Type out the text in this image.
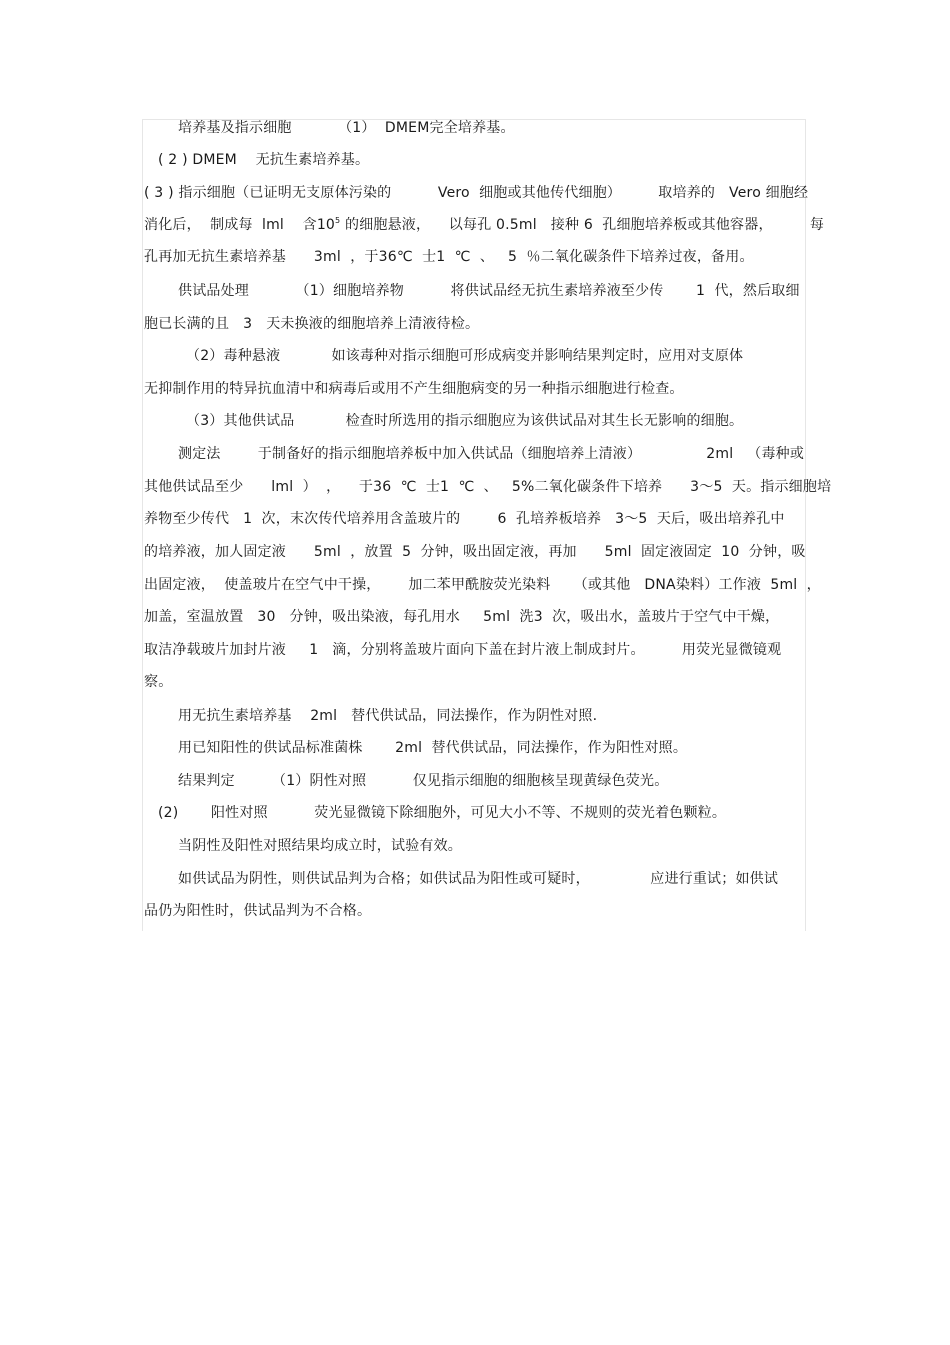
培养基及指示细胞          （1）  DMEM完全培养基。
( 2 ) DMEM    无抗生素培养基。
( 3 ) 指示细胞（已证明无支原体污染的          Vero  细胞或其他传代细胞）        取培养的   Vero 细胞经
消化后，  制成每  lml    含$10^5$ 的细胞悬液，    以每孔 0.5ml   接种 6  孔细胞培养板或其他容器，        每
孔再加无抗生素培养基      3ml  ，于36℃  士1  ℃  、   5  ％二氧化碳条件下培养过夜，备用。
供试品处理          （1）细胞培养物          将供试品经无抗生素培养液至少传       1  代，然后取细
胞已长满的且   3   天未换液的细胞培养上清液待检。
（2）毒种悬液           如该毒种对指示细胞可形成病变并影响结果判定时，应用对支原体
无抑制作用的特异抗血清中和病毒后或用不产生细胞病变的另一种指示细胞进行检查。
（3）其他供试品           检查时所选用的指示细胞应为该供试品对其生长无影响的细胞。
测定法        于制备好的指示细胞培养板中加入供试品（细胞培养上清液）              2ml   （毒种或
其他供试品至少      lml  ）  ，    于36  ℃  士1  ℃  、   5%二氧化碳条件下培养      3～5  天。指示细胞培
养物至少传代   1  次，末次传代培养用含盖玻片的        6  孔培养板培养   3～5  天后，吸出培养孔中
的培养液，加人固定液      5ml  ，放置  5  分钟，吸出固定液，再加      5ml  固定液固定  10  分钟，吸
出固定液，  使盖玻片在空气中干操，      加二苯甲酰胺荧光染料     （或其他   DNA染料）工作液  5ml  ，
加盖，室温放置   30   分钟，吸出染液，每孔用水     5ml  洗3  次，吸出水，盖玻片于空气中干燥，
取洁净载玻片加封片液     1   滴，分别将盖玻片面向下盖在封片液上制成封片。        用荧光显微镜观
察。
用无抗生素培养基    2ml   替代供试品，同法操作，作为阴性对照.
用已知阳性的供试品标准菌株       2ml  替代供试品，同法操作，作为阳性对照。
结果判定        （1）阴性对照          仅见指示细胞的细胞核呈现黄绿色荧光。
(2)       阳性对照          荧光显微镜下除细胞外，可见大小不等、不规则的荧光着色颗粒。
当阴性及阳性对照结果均成立时，试验有效。
如供试品为阴性，则供试品判为合格；如供试品为阳性或可疑时，             应进行重试；如供试
品仍为阳性时，供试品判为不合格。
